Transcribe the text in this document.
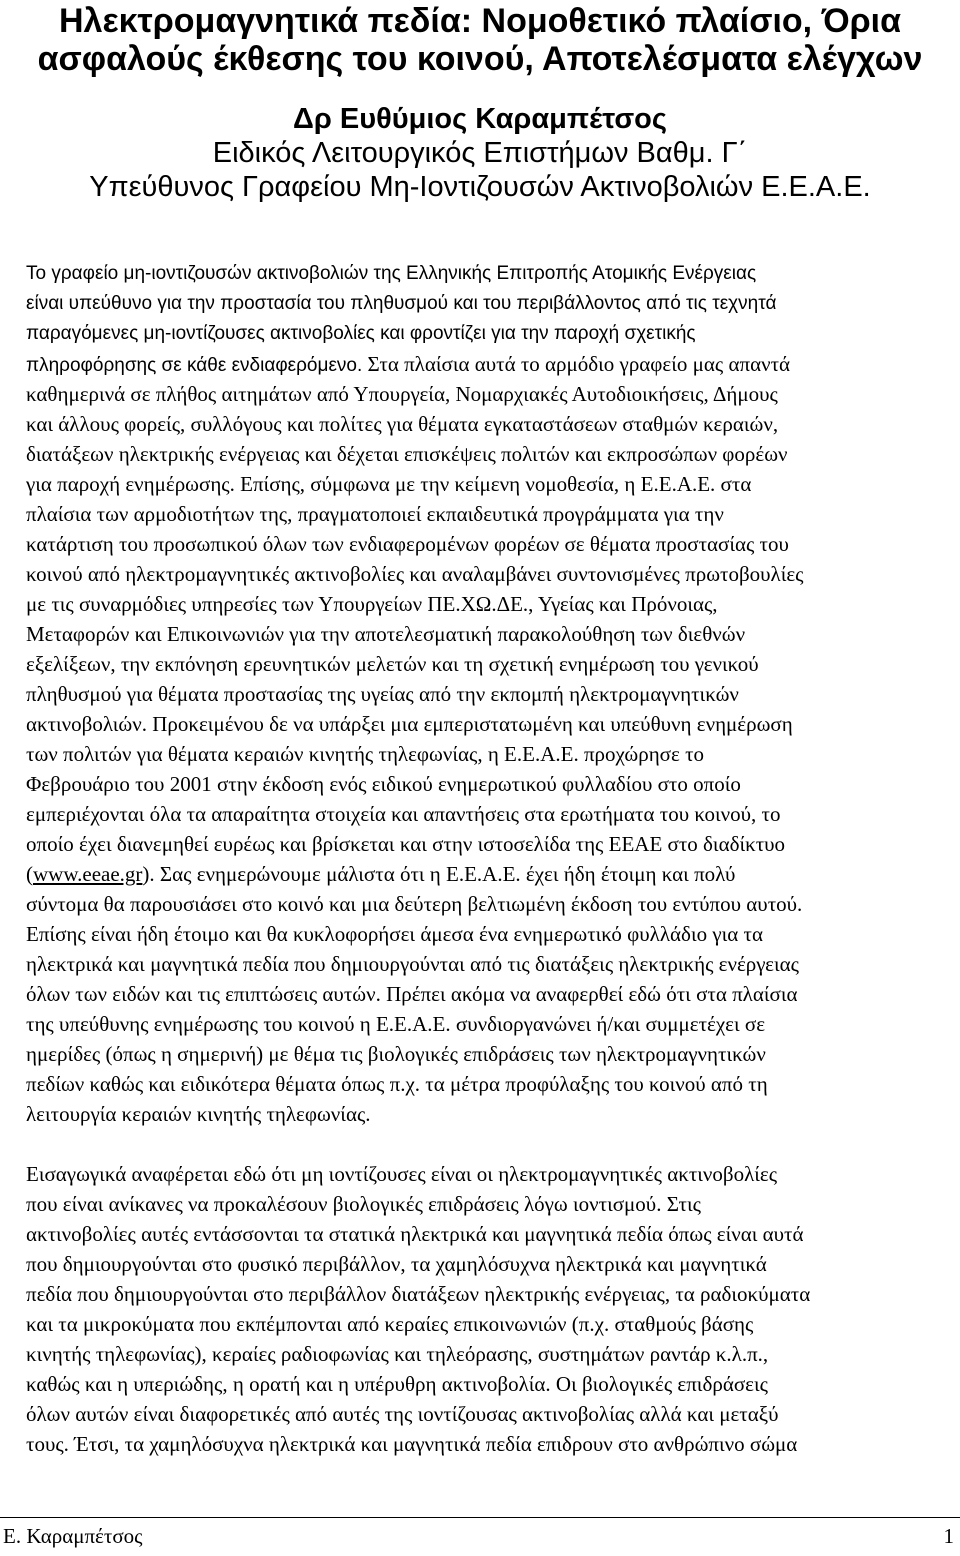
Ηλεκτρομαγνητικά πεδία: Νομοθετικό πλαίσιο, Όρια
ασφαλούς έκθεσης του κοινού, Αποτελέσματα ελέγχων

Δρ Ευθύμιος Καραμπέτσος

Ειδικός Λειτουργικός Επιστήμων Βαθμ. Γ΄

Υπεύθυνος Γραφείου Μη-Ιοντιζουσών Ακτινοβολιών Ε.Ε.Α.Ε.

Το γραφείο μη-ιοντιζουσών ακτινοβολιών της Ελληνικής Επιτροπής Ατομικής Ενέργειας
είναι υπεύθυνο για την προστασία του πληθυσμού και του περιβάλλοντος από τις τεχνητά
παραγόμενες μη-ιοντίζουσες ακτινοβολίες και φροντίζει για την παροχή σχετικής
πληροφόρησης σε κάθε ενδιαφερόμενο. Στα πλαίσια αυτά το αρμόδιο γραφείο μας απαντά
καθημερινά σε πλήθος αιτημάτων από Υπουργεία, Νομαρχιακές Αυτοδιοικήσεις, Δήμους
και άλλους φορείς, συλλόγους και πολίτες για θέματα εγκαταστάσεων σταθμών κεραιών,
διατάξεων ηλεκτρικής ενέργειας και δέχεται επισκέψεις πολιτών και εκπροσώπων φορέων
για παροχή ενημέρωσης. Επίσης, σύμφωνα με την κείμενη νομοθεσία, η Ε.Ε.Α.Ε. στα
πλαίσια των αρμοδιοτήτων της, πραγματοποιεί εκπαιδευτικά προγράμματα για την
κατάρτιση του προσωπικού όλων των ενδιαφερομένων φορέων σε θέματα προστασίας του
κοινού από ηλεκτρομαγνητικές ακτινοβολίες και αναλαμβάνει συντονισμένες πρωτοβουλίες
με τις συναρμόδιες υπηρεσίες των Υπουργείων ΠΕ.ΧΩ.ΔΕ., Υγείας και Πρόνοιας,
Μεταφορών και Επικοινωνιών για την αποτελεσματική παρακολούθηση των διεθνών
εξελίξεων, την εκπόνηση ερευνητικών μελετών και τη σχετική ενημέρωση του γενικού
πληθυσμού για θέματα προστασίας της υγείας από την εκπομπή ηλεκτρομαγνητικών
ακτινοβολιών. Προκειμένου δε να υπάρξει μια εμπεριστατωμένη και υπεύθυνη ενημέρωση
των πολιτών για θέματα κεραιών κινητής τηλεφωνίας, η Ε.Ε.Α.Ε. προχώρησε το
Φεβρουάριο του 2001 στην έκδοση ενός ειδικού ενημερωτικού φυλλαδίου στο οποίο
εμπεριέχονται όλα τα απαραίτητα στοιχεία και απαντήσεις στα ερωτήματα του κοινού, το
οποίο έχει διανεμηθεί ευρέως και βρίσκεται και στην ιστοσελίδα της ΕΕΑΕ στο διαδίκτυο
(www.eeae.gr). Σας ενημερώνουμε μάλιστα ότι η Ε.Ε.Α.Ε. έχει ήδη έτοιμη και πολύ
σύντομα θα παρουσιάσει στο κοινό και μια δεύτερη βελτιωμένη έκδοση του εντύπου αυτού.
Επίσης είναι ήδη έτοιμο και θα κυκλοφορήσει άμεσα ένα ενημερωτικό φυλλάδιο για τα
ηλεκτρικά και μαγνητικά πεδία που δημιουργούνται από τις διατάξεις ηλεκτρικής ενέργειας
όλων των ειδών και τις επιπτώσεις αυτών. Πρέπει ακόμα να αναφερθεί εδώ ότι στα πλαίσια
της υπεύθυνης ενημέρωσης του κοινού η Ε.Ε.Α.Ε. συνδιοργανώνει ή/και συμμετέχει σε
ημερίδες (όπως η σημερινή) με θέμα τις βιολογικές επιδράσεις των ηλεκτρομαγνητικών
πεδίων καθώς και ειδικότερα θέματα όπως π.χ. τα μέτρα προφύλαξης του κοινού από τη
λειτουργία κεραιών κινητής τηλεφωνίας.
Εισαγωγικά αναφέρεται εδώ ότι μη ιοντίζουσες είναι οι ηλεκτρομαγνητικές ακτινοβολίες
που είναι ανίκανες να προκαλέσουν βιολογικές επιδράσεις λόγω ιοντισμού. Στις
ακτινοβολίες αυτές εντάσσονται τα στατικά ηλεκτρικά και μαγνητικά πεδία όπως είναι αυτά
που δημιουργούνται στο φυσικό περιβάλλον, τα χαμηλόσυχνα ηλεκτρικά και μαγνητικά
πεδία που δημιουργούνται στο περιβάλλον διατάξεων ηλεκτρικής ενέργειας, τα ραδιοκύματα
και τα μικροκύματα που εκπέμπονται από κεραίες επικοινωνιών (π.χ. σταθμούς βάσης
κινητής τηλεφωνίας), κεραίες ραδιοφωνίας και τηλεόρασης, συστημάτων ραντάρ κ.λ.π.,
καθώς και η υπεριώδης, η ορατή και η υπέρυθρη ακτινοβολία. Οι βιολογικές επιδράσεις
όλων αυτών είναι διαφορετικές από αυτές της ιοντίζουσας ακτινοβολίας αλλά και μεταξύ
τους. Έτσι, τα χαμηλόσυχνα ηλεκτρικά και μαγνητικά πεδία επιδρουν στο ανθρώπινο σώμα
Ε. Καραμπέτσος	1
